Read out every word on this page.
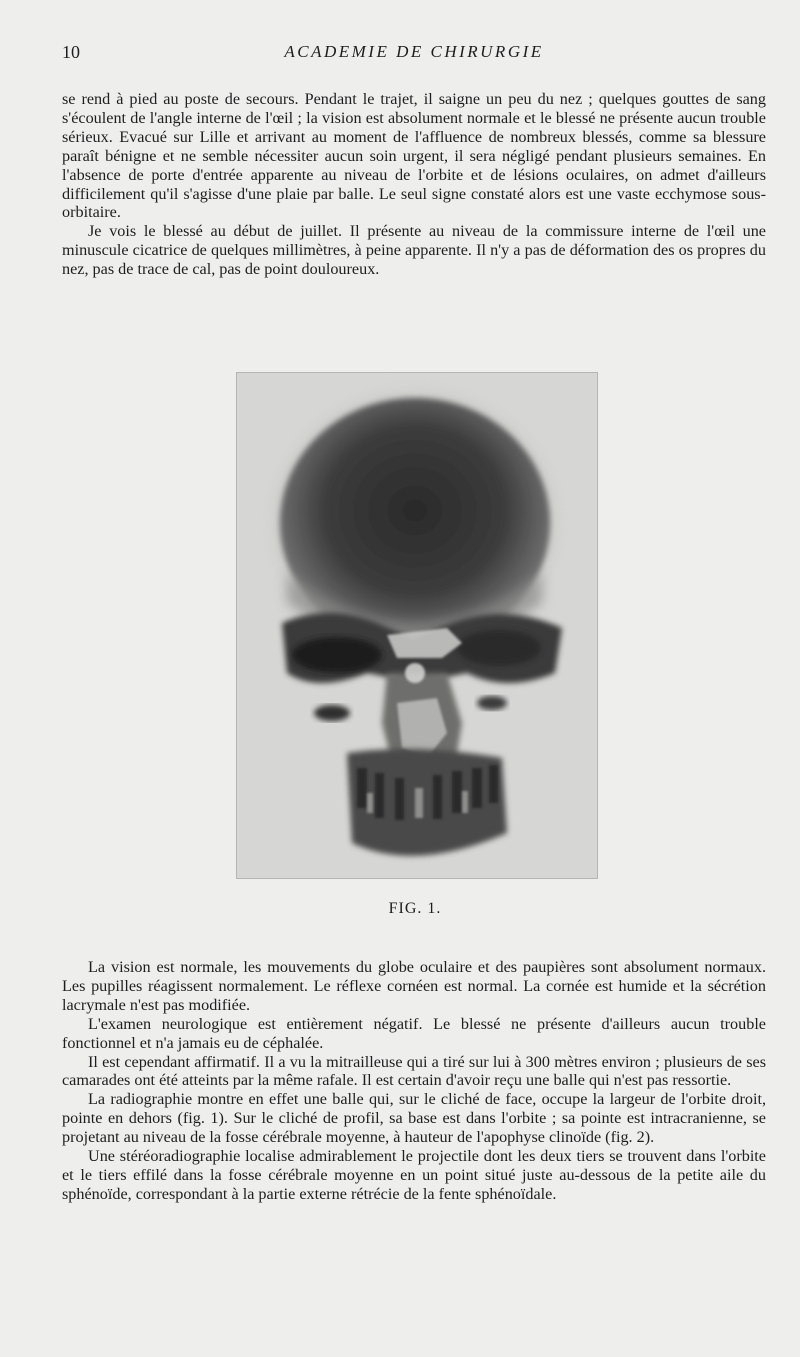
10	ACADEMIE DE CHIRURGIE

se rend à pied au poste de secours. Pendant le trajet, il saigne un peu du nez ; quelques gouttes de sang s'écoulent de l'angle interne de l'œil ; la vision est absolument normale et le blessé ne présente aucun trouble sérieux. Evacué sur Lille et arrivant au moment de l'affluence de nombreux blessés, comme sa blessure paraît bénigne et ne semble nécessiter aucun soin urgent, il sera négligé pendant plusieurs semaines. En l'absence de porte d'entrée apparente au niveau de l'orbite et de lésions oculaires, on admet d'ailleurs difficilement qu'il s'agisse d'une plaie par balle. Le seul signe constaté alors est une vaste ecchymose sous-orbitaire.

Je vois le blessé au début de juillet. Il présente au niveau de la commissure interne de l'œil une minuscule cicatrice de quelques millimètres, à peine apparente. Il n'y a pas de déformation des os propres du nez, pas de trace de cal, pas de point douloureux.

FIG. 1.

La vision est normale, les mouvements du globe oculaire et des paupières sont absolument normaux. Les pupilles réagissent normalement. Le réflexe cornéen est normal. La cornée est humide et la sécrétion lacrymale n'est pas modifiée.

L'examen neurologique est entièrement négatif. Le blessé ne présente d'ailleurs aucun trouble fonctionnel et n'a jamais eu de céphalée.

Il est cependant affirmatif. Il a vu la mitrailleuse qui a tiré sur lui à 300 mètres environ ; plusieurs de ses camarades ont été atteints par la même rafale. Il est certain d'avoir reçu une balle qui n'est pas ressortie.

La radiographie montre en effet une balle qui, sur le cliché de face, occupe la largeur de l'orbite droit, pointe en dehors (fig. 1). Sur le cliché de profil, sa base est dans l'orbite ; sa pointe est intracranienne, se projetant au niveau de la fosse cérébrale moyenne, à hauteur de l'apophyse clinoïde (fig. 2).

Une stéréoradiographie localise admirablement le projectile dont les deux tiers se trouvent dans l'orbite et le tiers effilé dans la fosse cérébrale moyenne en un point situé juste au-dessous de la petite aile du sphénoïde, correspondant à la partie externe rétrécie de la fente sphénoïdale.
